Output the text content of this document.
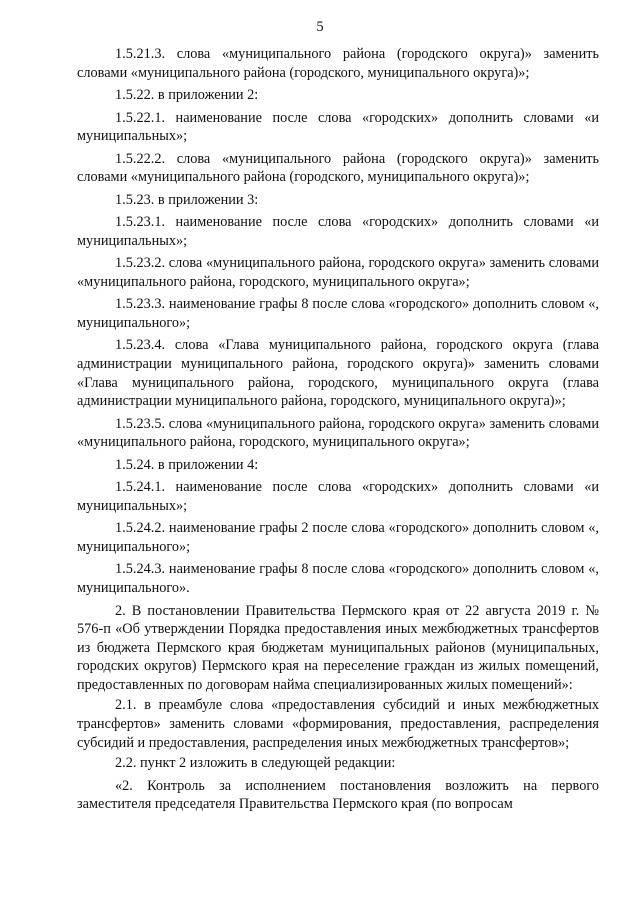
5

1.5.21.3. слова «муниципального района (городского округа)» заменить словами «муниципального района (городского, муниципального округа)»;

1.5.22. в приложении 2:

1.5.22.1. наименование после слова «городских» дополнить словами «и муниципальных»;

1.5.22.2. слова «муниципального района (городского округа)» заменить словами «муниципального района (городского, муниципального округа)»;

1.5.23. в приложении 3:

1.5.23.1. наименование после слова «городских» дополнить словами «и муниципальных»;

1.5.23.2. слова «муниципального района, городского округа» заменить словами «муниципального района, городского, муниципального округа»;

1.5.23.3. наименование графы 8 после слова «городского» дополнить словом «, муниципального»;

1.5.23.4. слова «Глава муниципального района, городского округа (глава администрации муниципального района, городского округа)» заменить словами «Глава муниципального района, городского, муниципального округа (глава администрации муниципального района, городского, муниципального округа)»;

1.5.23.5. слова «муниципального района, городского округа» заменить словами «муниципального района, городского, муниципального округа»;

1.5.24. в приложении 4:

1.5.24.1. наименование после слова «городских» дополнить словами «и муниципальных»;

1.5.24.2. наименование графы 2 после слова «городского» дополнить словом «, муниципального»;

1.5.24.3. наименование графы 8 после слова «городского» дополнить словом «, муниципального».

2. В постановлении Правительства Пермского края от 22 августа 2019 г. № 576-п «Об утверждении Порядка предоставления иных межбюджетных трансфертов из бюджета Пермского края бюджетам муниципальных районов (муниципальных, городских округов) Пермского края на переселение граждан из жилых помещений, предоставленных по договорам найма специализированных жилых помещений»:

2.1. в преамбуле слова «предоставления субсидий и иных межбюджетных трансфертов» заменить словами «формирования, предоставления, распределения субсидий и предоставления, распределения иных межбюджетных трансфертов»;

2.2. пункт 2 изложить в следующей редакции:

«2. Контроль за исполнением постановления возложить на первого заместителя председателя Правительства Пермского края (по вопросам
